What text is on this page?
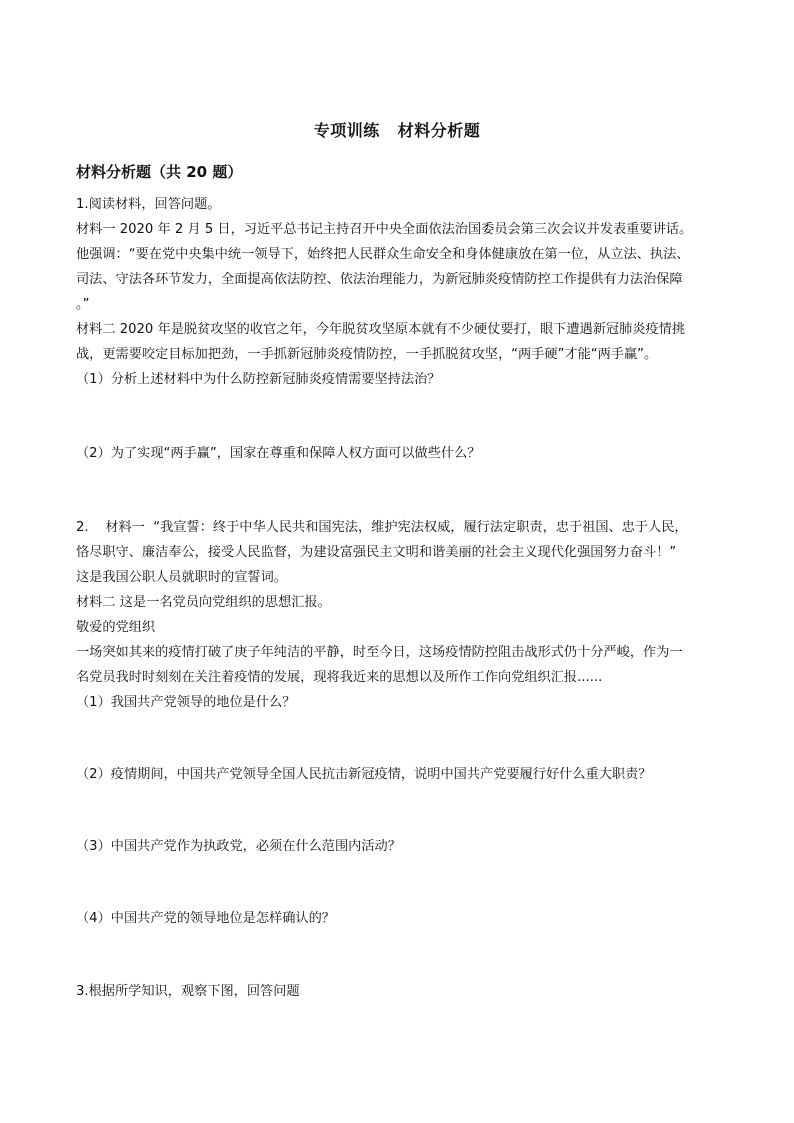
专项训练 材料分析题
材料分析题（共 20 题）

1.阅读材料，回答问题。

材料一 2020 年 2 月 5 日，习近平总书记主持召开中央全面依法治国委员会第三次会议并发表重要讲话。

他强调：“要在党中央集中统一领导下，始终把人民群众生命安全和身体健康放在第一位，从立法、执法、

司法、守法各环节发力，全面提高依法防控、依法治理能力，为新冠肺炎疫情防控工作提供有力法治保障

。”

材料二 2020 年是脱贫攻坚的收官之年，今年脱贫攻坚原本就有不少硬仗要打，眼下遭遇新冠肺炎疫情挑

战，更需要咬定目标加把劲，一手抓新冠肺炎疫情防控，一手抓脱贫攻坚，“两手硬”才能“两手赢”。

（1）分析上述材料中为什么防控新冠肺炎疫情需要坚持法治？

（2）为了实现“两手赢”，国家在尊重和保障人权方面可以做些什么？

2.    材料一  “我宣誓：终于中华人民共和国宪法，维护宪法权威，履行法定职责，忠于祖国、忠于人民，

恪尽职守、廉洁奉公，接受人民监督，为建设富强民主文明和谐美丽的社会主义现代化强国努力奋斗！”

这是我国公职人员就职时的宣誓词。

材料二 这是一名党员向党组织的思想汇报。

敬爱的党组织

一场突如其来的疫情打破了庚子年纯洁的平静，时至今日，这场疫情防控阻击战形式仍十分严峻，作为一

名党员我时时刻刻在关注着疫情的发展，现将我近来的思想以及所作工作向党组织汇报......

（1）我国共产党领导的地位是什么？

（2）疫情期间，中国共产党领导全国人民抗击新冠疫情，说明中国共产党要履行好什么重大职责？

（3）中国共产党作为执政党，必须在什么范围内活动？

（4）中国共产党的领导地位是怎样确认的？

3.根据所学知识，观察下图，回答问题
